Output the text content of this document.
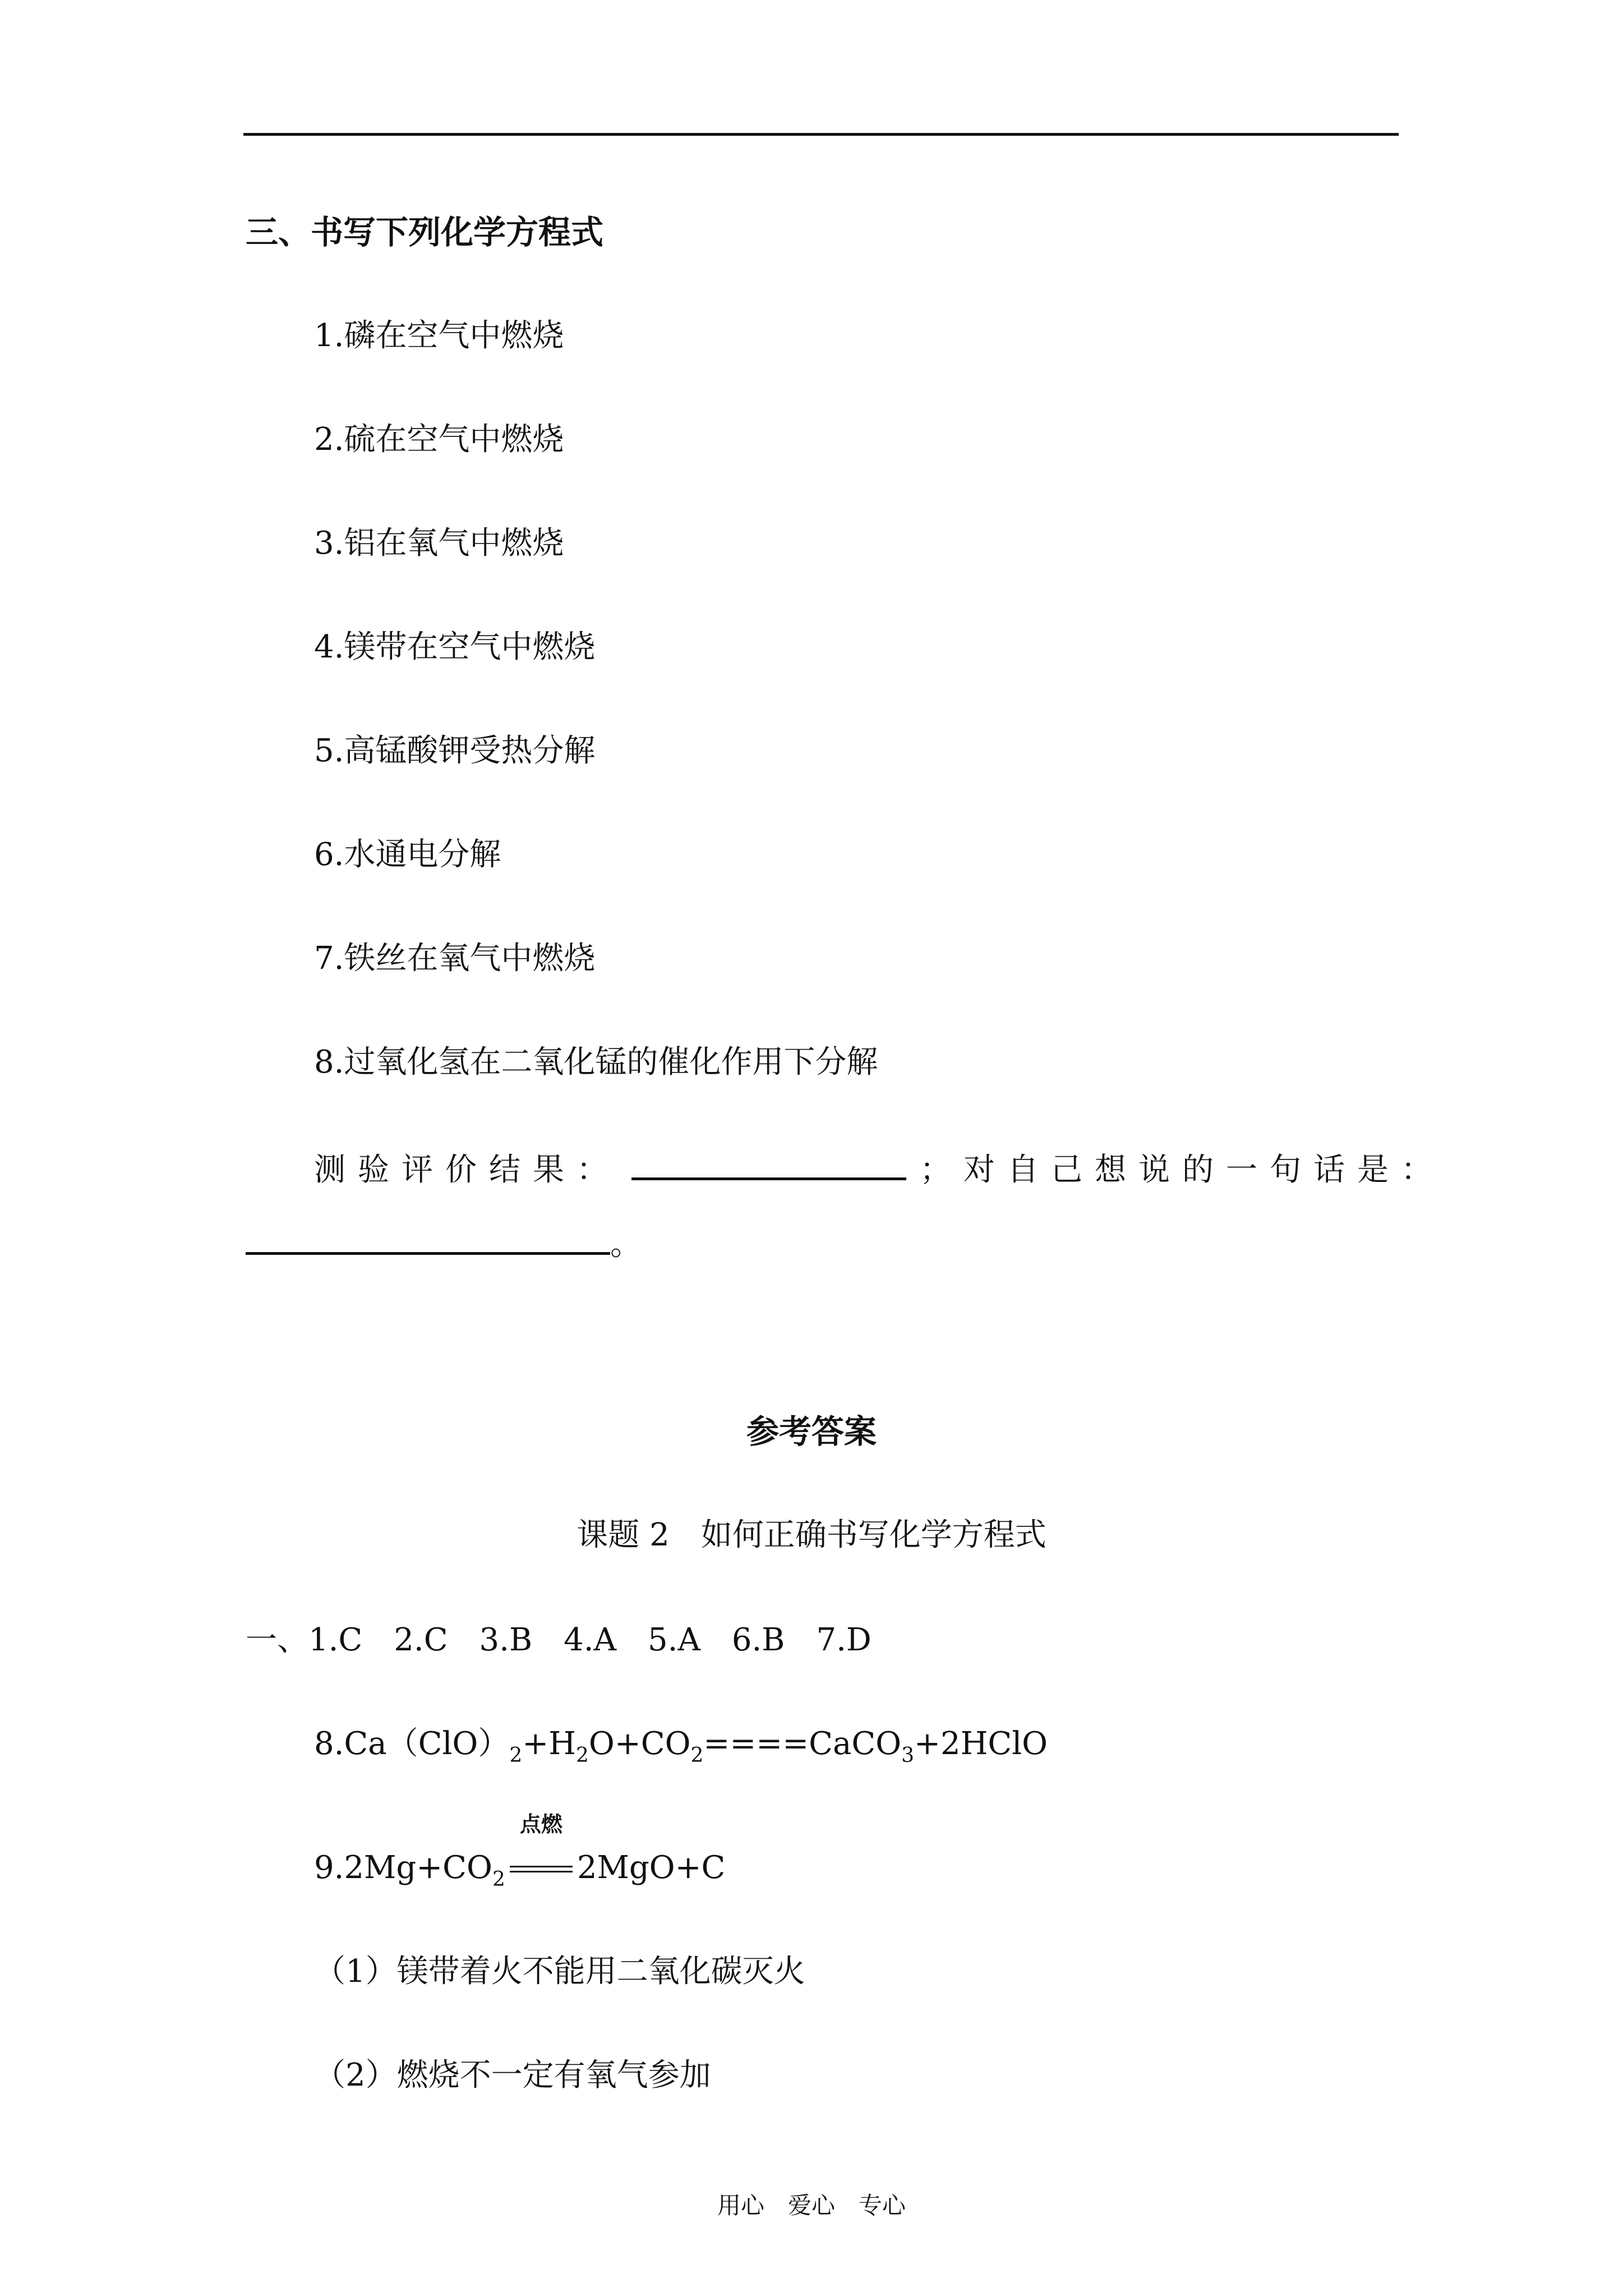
三、书写下列化学方程式
1.磷在空气中燃烧
2.硫在空气中燃烧
3.铝在氧气中燃烧
4.镁带在空气中燃烧
5.高锰酸钾受热分解
6.水通电分解
7.铁丝在氧气中燃烧
8.过氧化氢在二氧化锰的催化作用下分解
测验评价结果：	；对自己想说的一句话是：
。
参考答案
课题 2　如何正确书写化学方程式
一、1.C　2.C　3.B　4.A　5.A　6.B　7.D
$8.Ca(ClO)_2+H_2O+CO_2====CaCO_3+2HClO$
$9.2Mg+CO_2$
点燃
2MgO+C
（1）镁带着火不能用二氧化碳灭火
（2）燃烧不一定有氧气参加
用心　爱心　专心
